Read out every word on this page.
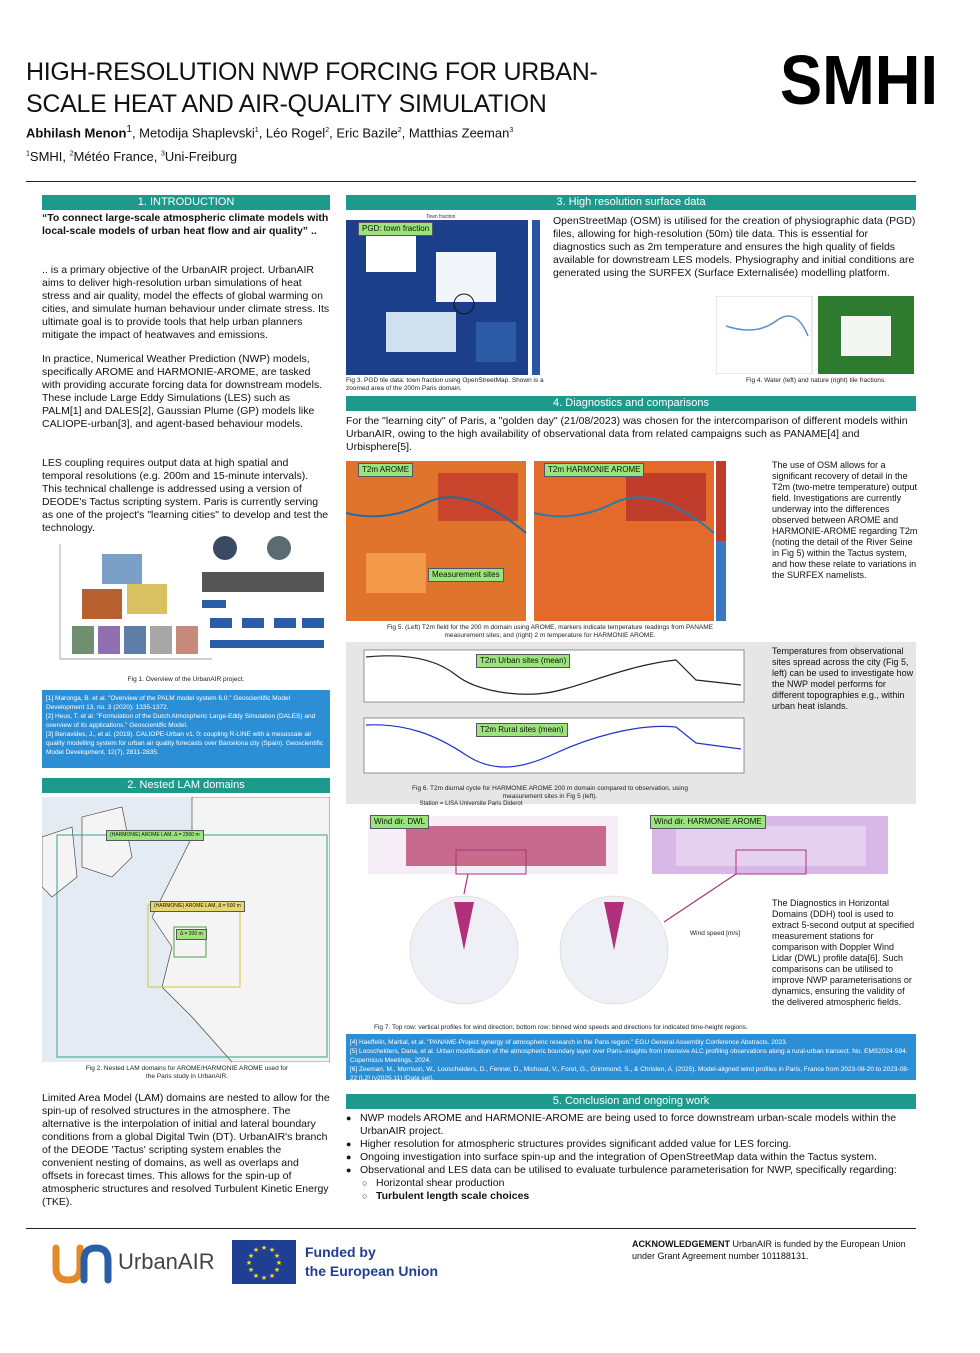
HIGH-RESOLUTION NWP FORCING FOR URBAN-
SCALE HEAT AND AIR-QUALITY SIMULATION	SMHI
Abhilash Menon$^1$, Metodija Shaplevski$^1$, Léo Rogel$^2$, Eric Bazile$^2$, Matthias Zeeman$^3$
$^1$SMHI, $^2$Météo France, $^3$Uni-Freiburg
1. INTRODUCTION
“To connect large-scale atmospheric climate models with local-scale models of urban heat flow and air quality” ..
.. is a primary objective of the UrbanAIR project. UrbanAIR aims to deliver high-resolution urban simulations of heat stress and air quality, model the effects of global warming on cities, and simulate human behaviour under climate stress. Its ultimate goal is to provide tools that help urban planners mitigate the impact of heatwaves and emissions.
In practice, Numerical Weather Prediction (NWP) models, specifically AROME and HARMONIE-AROME, are tasked with providing accurate forcing data for downstream models. These include Large Eddy Simulations (LES) such as PALM[1] and DALES[2], Gaussian Plume (GP) models like CALIOPE-urban[3], and agent-based behaviour models.
LES coupling requires output data at high spatial and temporal resolutions (e.g. 200m and 15-minute intervals). This technical challenge is addressed using a version of DEODE's Tactus scripting system. Paris is currently serving as one of the project's "learning cities" to develop and test the technology.
Fig 1. Overview of the UrbanAIR project.
[1] Maronga, B. et al. "Overview of the PALM model system 6.0." Geoscientific Model Development 13, no. 3 (2020): 1335-1372.
[2] Heus, T. et al. "Formulation of the Dutch Atmospheric Large-Eddy Simulation (DALES) and overview of its applications." Geoscientific Model.
[3] Benavides, J., et al. (2019). CALIOPE-Urban v1. 0: coupling R-LINE with a mesoscale air quality modelling system for urban air quality forecasts over Barcelona city (Spain). Geoscientific Model Development, 12(7), 2811-2835.
2. Nested LAM domains
(HARMONIE) AROME LAM, Δ = 2500 m
(HARMONIE) AROME LAM, Δ = 500 m
Δ = 200 m
Fig 2. Nested LAM domains for AROME/HARMONIE AROME used for the Paris study in UrbanAIR.
Limited Area Model (LAM) domains are nested to allow for the spin-up of resolved structures in the atmosphere. The alternative is the interpolation of initial and lateral boundary conditions from a global Digital Twin (DT). UrbanAIR's branch of the DEODE 'Tactus' scripting system enables the convenient nesting of domains, as well as overlaps and offsets in forecast times. This allows for the spin-up of atmospheric structures and resolved Turbulent Kinetic Energy (TKE).
3. High resolution surface data
Town fraction
PGD: town fraction
Fig 3. PGD tile data: town fraction using OpenStreetMap. Shown is a zoomed area of the 200m Paris domain.
OpenStreetMap (OSM) is utilised for the creation of physiographic data (PGD) files, allowing for high-resolution (50m) tile data. This is essential for diagnostics such as 2m temperature and ensures the high quality of fields available for downstream LES models. Physiography and initial conditions are generated using the SURFEX (Surface Externalisée) modelling platform.
Fig 4. Water (left) and nature (right) tile fractions.
4. Diagnostics and comparisons
For the "learning city" of Paris, a "golden day" (21/08/2023) was chosen for the intercomparison of different models within UrbanAIR, owing to the high availability of observational data from related campaigns such as PANAME[4] and Urbisphere[5].
T2m AROME	T2m HARMONIE AROME
Measurement sites
Fig 5. (Left) T2m field for the 200 m domain using AROME, markers indicate temperature readings from PANAME measurement sites; and (right) 2 m temperature for HARMONIE AROME.
The use of OSM allows for a significant recovery of detail in the T2m (two-metre temperature) output field. Investigations are currently underway into the differences observed between AROME and HARMONIE-AROME regarding T2m (noting the detail of the River Seine in Fig 5) within the Tactus system, and how these relate to variations in the SURFEX namelists.
T2m Urban sites (mean)
T2m Rural sites (mean)
Fig 6. T2m diurnal cycle for HARMONIE AROME 200 m domain compared to observation, using measurement sites in Fig 5 (left).
Temperatures from observational sites spread across the city (Fig 5, left) can be used to investigate how the NWP model performs for different topographies e.g., within urban heat islands.
Station = LISA Universite Paris Diderot
Wind dir. DWL	Wind dir. HARMONIE AROME
Wind speed [m/s]
The Diagnostics in Horizontal Domains (DDH) tool is used to extract 5-second output at specified measurement stations for comparison with Doppler Wind Lidar (DWL) profile data[6]. Such comparisons can be utilised to improve NWP parameterisations or dynamics, ensuring the validity of the delivered atmospheric fields.
Fig 7. Top row: vertical profiles for wind direction; bottom row: binned wind speeds and directions for indicated time-height regions.
[4] Haeffelin, Martial, et al. "PANAME-Project synergy of atmospheric research in the Paris region." EGU General Assembly Conference Abstracts. 2023.
[5] Looschelders, Dana, et al. Urban modification of the atmospheric boundary layer over Paris–insights from intensive ALC profiling observations along a rural-urban transect. No. EMS2024-594. Copernicus Meetings, 2024.
[6] Zeeman, M., Morrison, W., Looschelders, D., Fenner, D., Michoud, V., Foret, G., Grimmond, S., & Christen, A. (2025). Model-aligned wind profiles in Paris, France from 2023-08-20 to 2023-08-22 [L2] (v2025.11) [Data set].
5. Conclusion and ongoing work
● NWP models AROME and HARMONIE-AROME are being used to force downstream urban-scale models within the UrbanAIR project.
● Higher resolution for atmospheric structures provides significant added value for LES forcing.
● Ongoing investigation into surface spin-up and the integration of OpenStreetMap data within the Tactus system.
● Observational and LES data can be utilised to evaluate turbulence parameterisation for NWP, specifically regarding:
○ Horizontal shear production
○ Turbulent length scale choices
UrbanAIR
★ ★
★
★
★
★
★
★
★
★
★
★	Funded by
the European Union
ACKNOWLEDGEMENT UrbanAIR is funded by the European Union under Grant Agreement number 101188131.
